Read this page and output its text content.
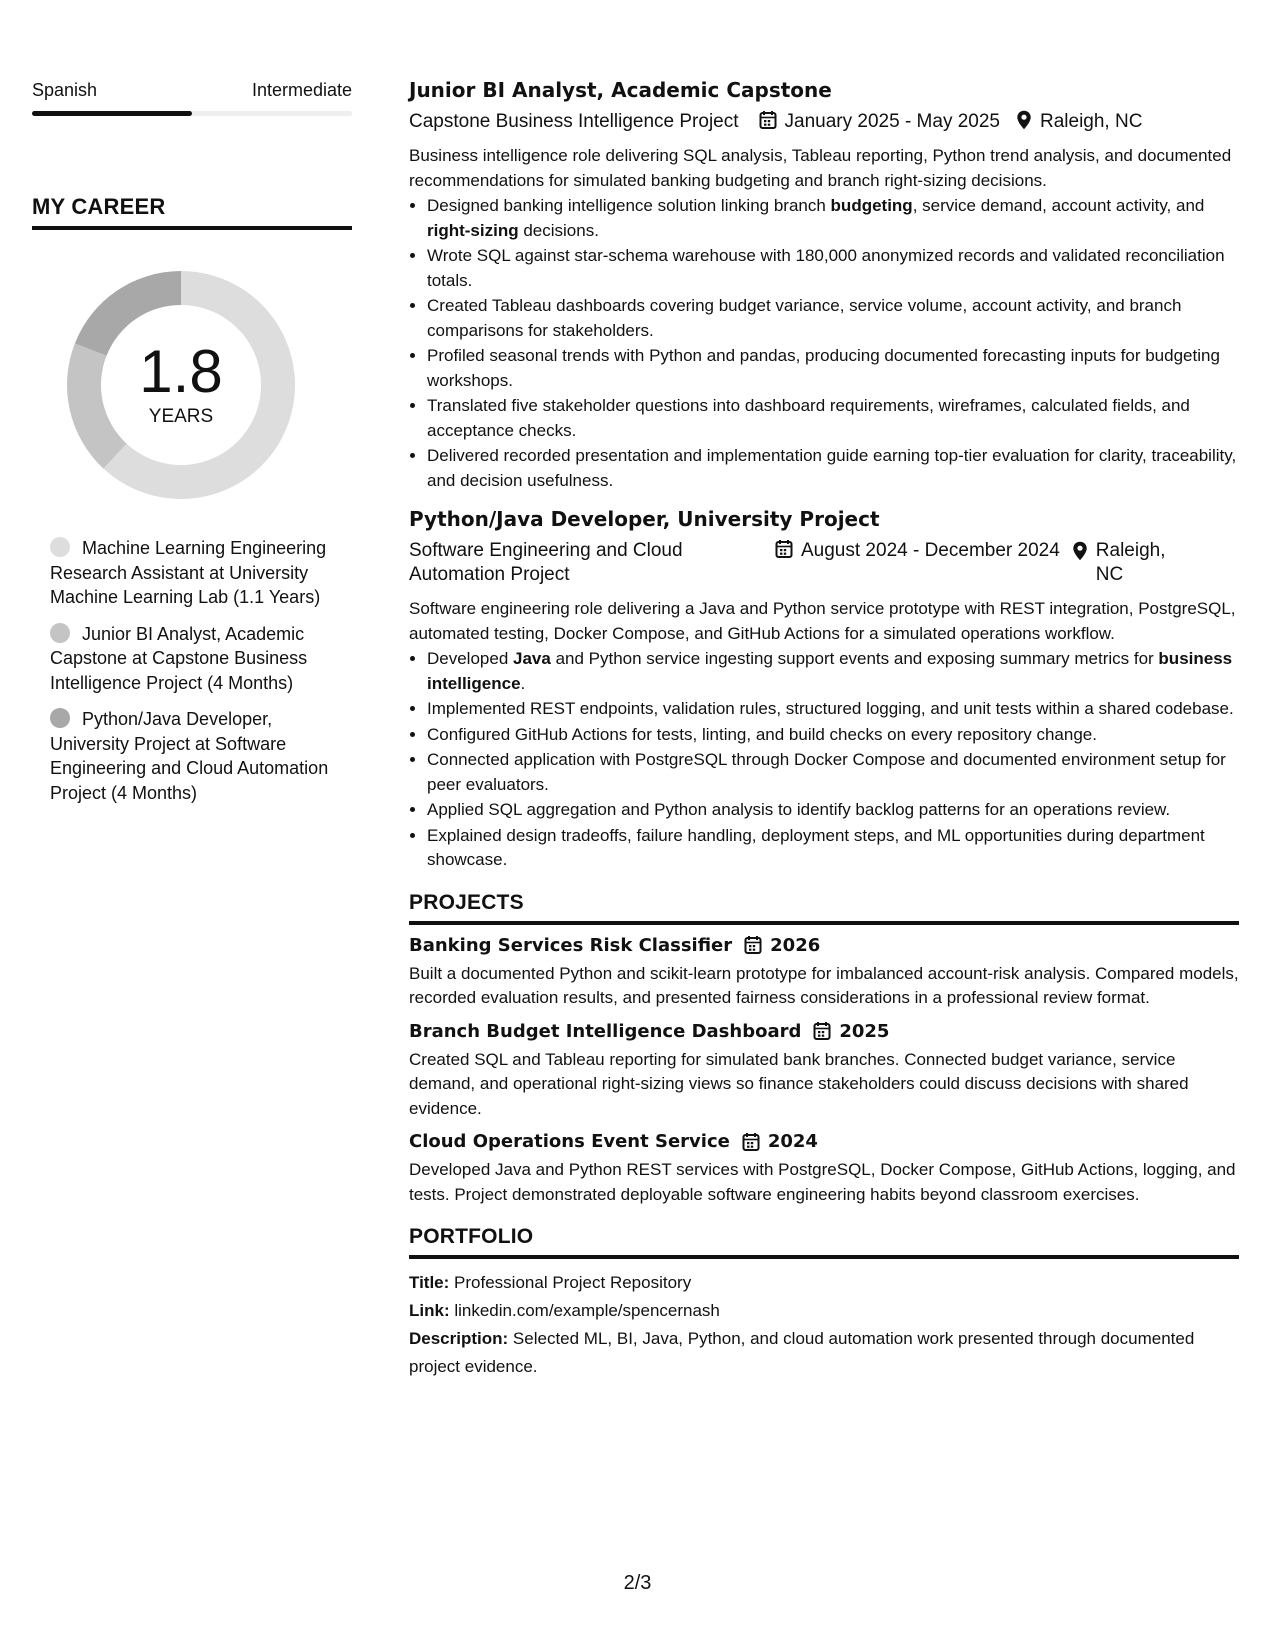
Spanish	Intermediate
MY CAREER
1.8
YEARS
Machine Learning Engineering Research Assistant at University Machine Learning Lab (1.1 Years)
Junior BI Analyst, Academic Capstone at Capstone Business Intelligence Project (4 Months)
Python/Java Developer, University Project at Software Engineering and Cloud Automation Project (4 Months)
Junior BI Analyst, Academic Capstone
Capstone Business Intelligence Project	January 2025 - May 2025	Raleigh, NC
Business intelligence role delivering SQL analysis, Tableau reporting, Python trend analysis, and documented recommendations for simulated banking budgeting and branch right-sizing decisions.
• Designed banking intelligence solution linking branch budgeting, service demand, account activity, and right-sizing decisions.
• Wrote SQL against star-schema warehouse with 180,000 anonymized records and validated reconciliation totals.
• Created Tableau dashboards covering budget variance, service volume, account activity, and branch comparisons for stakeholders.
• Profiled seasonal trends with Python and pandas, producing documented forecasting inputs for budgeting workshops.
• Translated five stakeholder questions into dashboard requirements, wireframes, calculated fields, and acceptance checks.
• Delivered recorded presentation and implementation guide earning top-tier evaluation for clarity, traceability, and decision usefulness.
Python/Java Developer, University Project
Software Engineering and Cloud Automation Project
August 2024 - December 2024 Raleigh, NC
Software engineering role delivering a Java and Python service prototype with REST integration, PostgreSQL, automated testing, Docker Compose, and GitHub Actions for a simulated operations workflow.
• Developed Java and Python service ingesting support events and exposing summary metrics for business intelligence.
• Implemented REST endpoints, validation rules, structured logging, and unit tests within a shared codebase.
• Configured GitHub Actions for tests, linting, and build checks on every repository change.
• Connected application with PostgreSQL through Docker Compose and documented environment setup for peer evaluators.
• Applied SQL aggregation and Python analysis to identify backlog patterns for an operations review.
• Explained design tradeoffs, failure handling, deployment steps, and ML opportunities during department showcase.
PROJECTS
Banking Services Risk Classifier 2026
Built a documented Python and scikit-learn prototype for imbalanced account-risk analysis. Compared models, recorded evaluation results, and presented fairness considerations in a professional review format.
Branch Budget Intelligence Dashboard 2025
Created SQL and Tableau reporting for simulated bank branches. Connected budget variance, service demand, and operational right-sizing views so finance stakeholders could discuss decisions with shared evidence.
Cloud Operations Event Service 2024
Developed Java and Python REST services with PostgreSQL, Docker Compose, GitHub Actions, logging, and tests. Project demonstrated deployable software engineering habits beyond classroom exercises.
PORTFOLIO
Title: Professional Project Repository
Link: linkedin.com/example/spencernash
Description: Selected ML, BI, Java, Python, and cloud automation work presented through documented project evidence.
2/3
